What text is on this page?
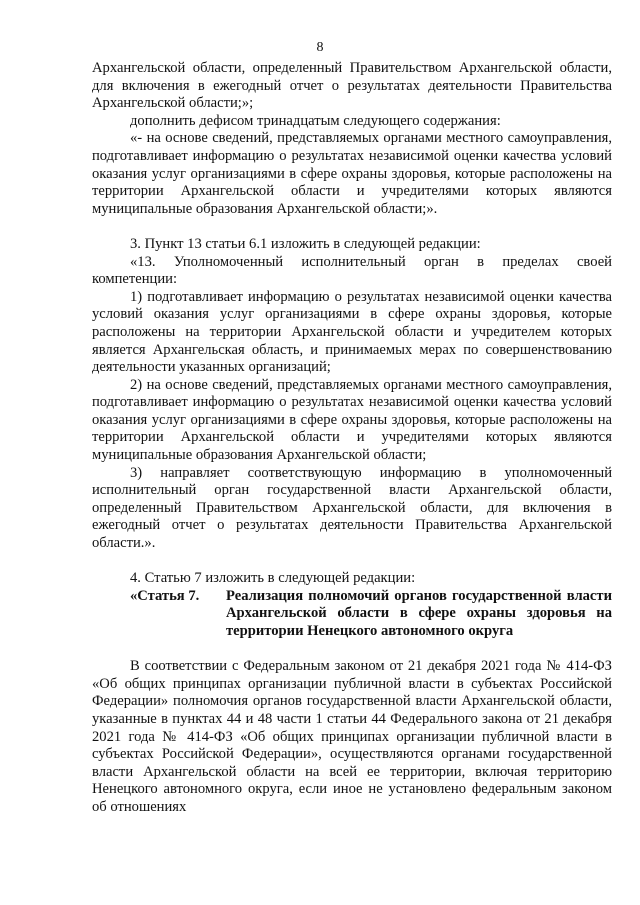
8

Архангельской области, определенный Правительством Архангельской области, для включения в ежегодный отчет о результатах деятельности Правительства Архангельской области;»;

дополнить дефисом тринадцатым следующего содержания:

«- на основе сведений, представляемых органами местного самоуправления, подготавливает информацию о результатах независимой оценки качества условий оказания услуг организациями в сфере охраны здоровья, которые расположены на территории Архангельской области и учредителями которых являются муниципальные образования Архангельской области;».

3. Пункт 13 статьи 6.1 изложить в следующей редакции:

«13. Уполномоченный исполнительный орган в пределах своей компетенции:

1) подготавливает информацию о результатах независимой оценки качества условий оказания услуг организациями в сфере охраны здоровья, которые расположены на территории Архангельской области и учредителем которых является Архангельская область, и принимаемых мерах по совершенствованию деятельности указанных организаций;

2) на основе сведений, представляемых органами местного самоуправления, подготавливает информацию о результатах независимой оценки качества условий оказания услуг организациями в сфере охраны здоровья, которые расположены на территории Архангельской области и учредителями которых являются муниципальные образования Архангельской области;

3) направляет соответствующую информацию в уполномоченный исполнительный орган государственной власти Архангельской области, определенный Правительством Архангельской области, для включения в ежегодный отчет о результатах деятельности Правительства Архангельской области.».

4. Статью 7 изложить в следующей редакции:

«Статья 7.	Реализация полномочий органов государственной власти Архангельской области в сфере охраны здоровья на территории Ненецкого автономного округа

В соответствии с Федеральным законом от 21 декабря 2021 года № 414-ФЗ «Об общих принципах организации публичной власти в субъектах Российской Федерации» полномочия органов государственной власти Архангельской области, указанные в пунктах 44 и 48 части 1 статьи 44 Федерального закона от 21 декабря 2021 года № 414-ФЗ «Об общих принципах организации публичной власти в субъектах Российской Федерации», осуществляются органами государственной власти Архангельской области на всей ее территории, включая территорию Ненецкого автономного округа, если иное не установлено федеральным законом об отношениях
